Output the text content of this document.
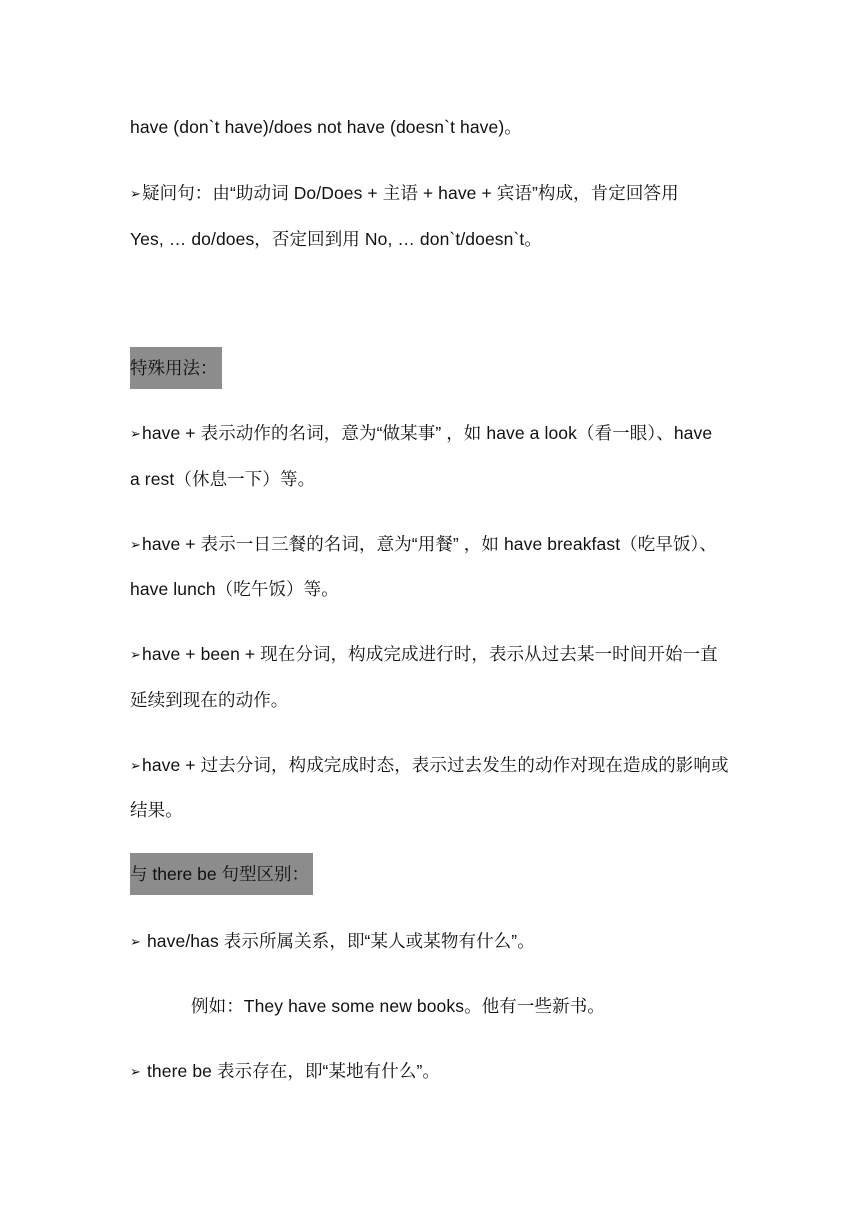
have (don`t have)/does not have (doesn`t have)。
➢疑问句：由“助动词 Do/Does + 主语 + have + 宾语”构成，肯定回答用
Yes, … do/does，否定回到用 No, … don`t/doesn`t。
特殊用法：
➢have + 表示动作的名词，意为“做某事” ，如 have a look（看一眼）、have
a rest（休息一下）等。
➢have + 表示一日三餐的名词，意为“用餐” ，如 have breakfast（吃早饭）、
have lunch（吃午饭）等。
➢have + been + 现在分词，构成完成进行时，表示从过去某一时间开始一直
延续到现在的动作。
➢have + 过去分词，构成完成时态，表示过去发生的动作对现在造成的影响或
结果。
与 there be 句型区别：
➢ have/has 表示所属关系，即“某人或某物有什么”。
例如：They have some new books。他有一些新书。
➢ there be 表示存在，即“某地有什么”。
